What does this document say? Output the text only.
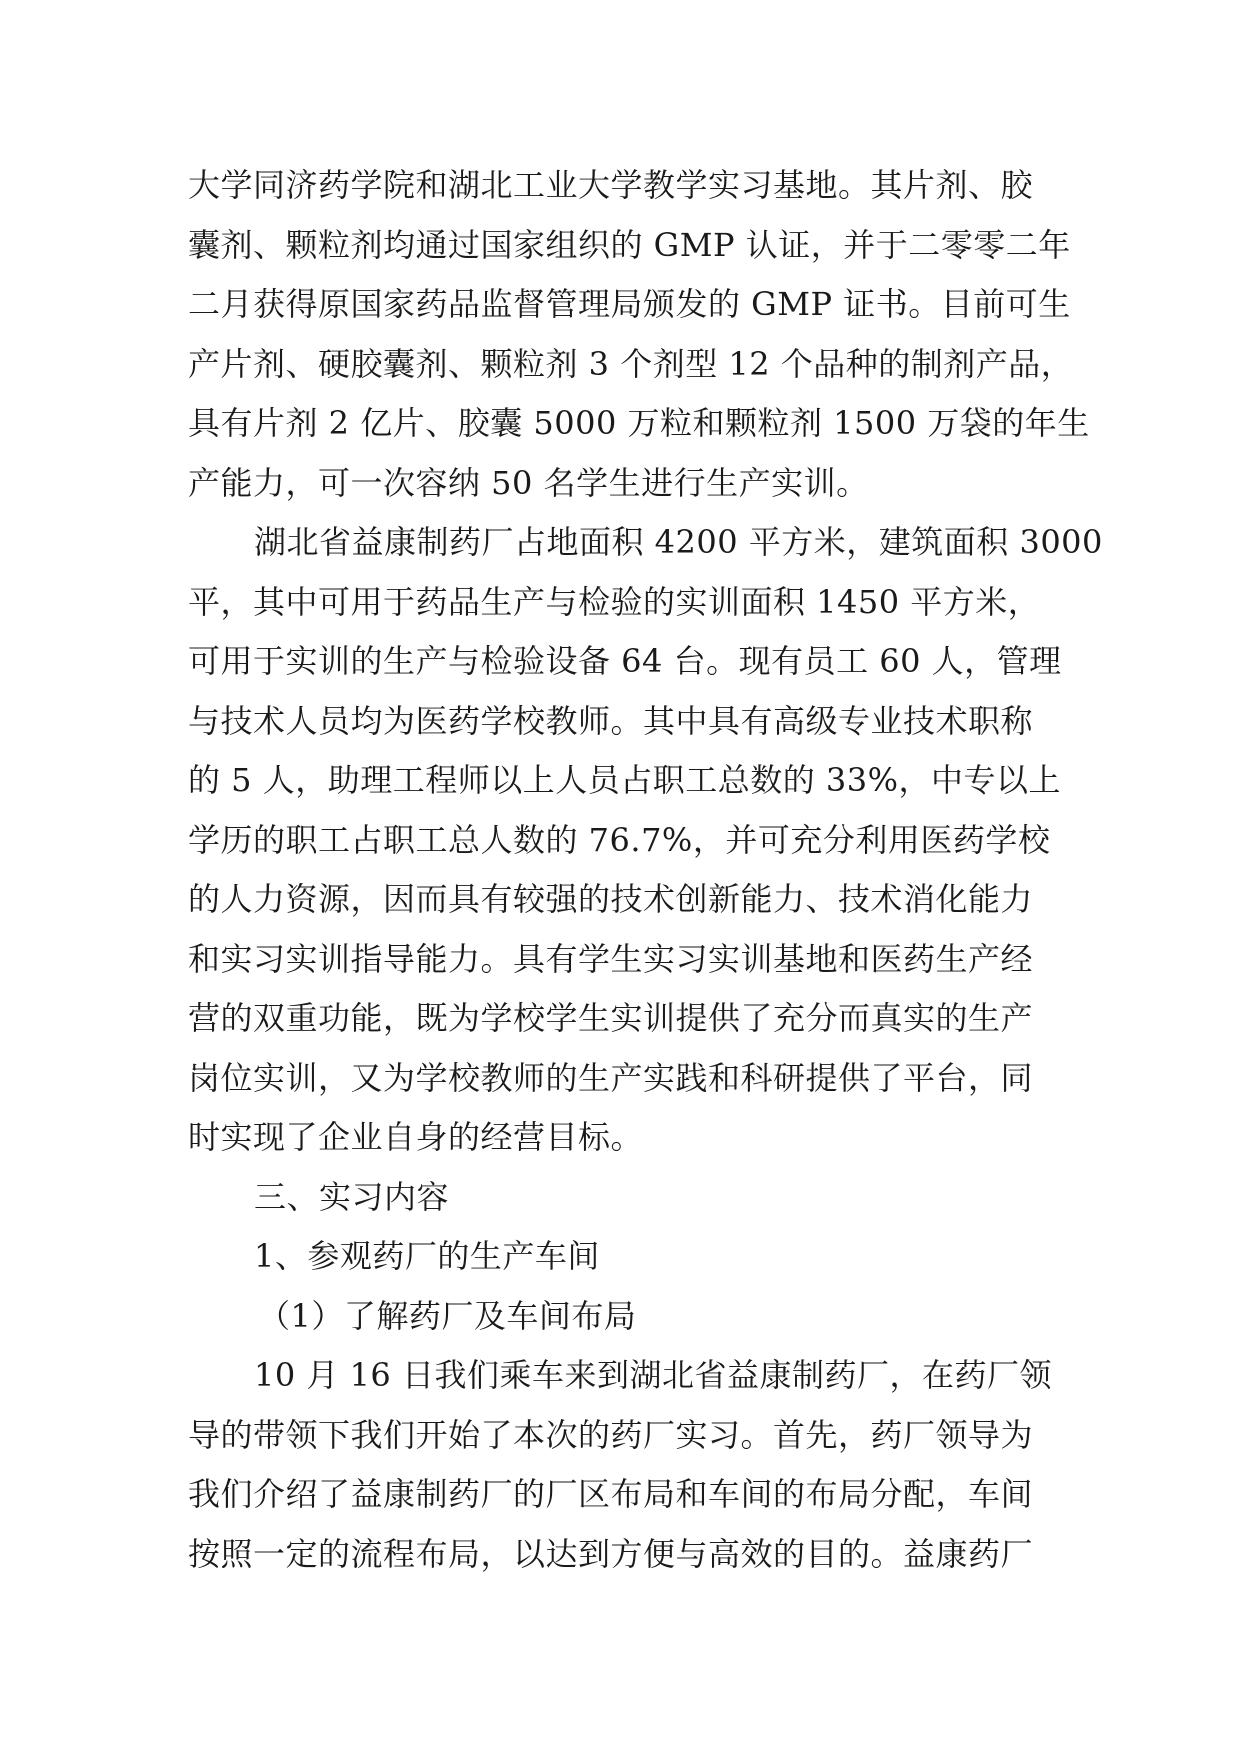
大学同济药学院和湖北工业大学教学实习基地。其片剂、胶
囊剂、颗粒剂均通过国家组织的 GMP 认证，并于二零零二年
二月获得原国家药品监督管理局颁发的 GMP 证书。目前可生
产片剂、硬胶囊剂、颗粒剂 3 个剂型 12 个品种的制剂产品，
具有片剂 2 亿片、胶囊 5000 万粒和颗粒剂 1500 万袋的年生
产能力，可一次容纳 50 名学生进行生产实训。
湖北省益康制药厂占地面积 4200 平方米，建筑面积 3000
平，其中可用于药品生产与检验的实训面积 1450 平方米，
可用于实训的生产与检验设备 64 台。现有员工 60 人，管理
与技术人员均为医药学校教师。其中具有高级专业技术职称
的 5 人，助理工程师以上人员占职工总数的 33%，中专以上
学历的职工占职工总人数的 76.7%，并可充分利用医药学校
的人力资源，因而具有较强的技术创新能力、技术消化能力
和实习实训指导能力。具有学生实习实训基地和医药生产经
营的双重功能，既为学校学生实训提供了充分而真实的生产
岗位实训，又为学校教师的生产实践和科研提供了平台，同
时实现了企业自身的经营目标。
三、实习内容
1、参观药厂的生产车间
（1）了解药厂及车间布局
10 月 16 日我们乘车来到湖北省益康制药厂，在药厂领
导的带领下我们开始了本次的药厂实习。首先，药厂领导为
我们介绍了益康制药厂的厂区布局和车间的布局分配，车间
按照一定的流程布局，以达到方便与高效的目的。益康药厂
